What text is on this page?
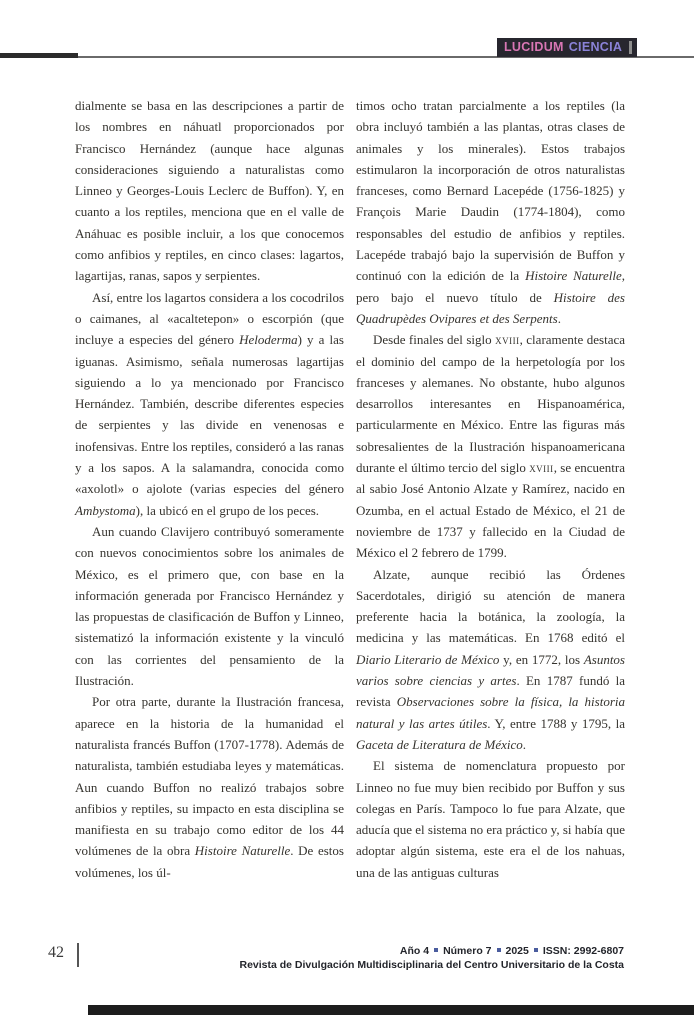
LUCIDUM CIENCIA

dialmente se basa en las descripciones a partir de los nombres en náhuatl proporcionados por Francisco Hernández (aunque hace algunas consideraciones siguiendo a naturalistas como Linneo y Georges-Louis Leclerc de Buffon). Y, en cuanto a los reptiles, menciona que en el valle de Anáhuac es posible incluir, a los que conocemos como anfibios y reptiles, en cinco clases: lagartos, lagartijas, ranas, sapos y serpientes.

Así, entre los lagartos considera a los cocodrilos o caimanes, al «acaltetepon» o escorpión (que incluye a especies del género Heloderma) y a las iguanas. Asimismo, señala numerosas lagartijas siguiendo a lo ya mencionado por Francisco Hernández. También, describe diferentes especies de serpientes y las divide en venenosas e inofensivas. Entre los reptiles, consideró a las ranas y a los sapos. A la salamandra, conocida como «axolotl» o ajolote (varias especies del género Ambystoma), la ubicó en el grupo de los peces.

Aun cuando Clavijero contribuyó someramente con nuevos conocimientos sobre los animales de México, es el primero que, con base en la información generada por Francisco Hernández y las propuestas de clasificación de Buffon y Linneo, sistematizó la información existente y la vinculó con las corrientes del pensamiento de la Ilustración.

Por otra parte, durante la Ilustración francesa, aparece en la historia de la humanidad el naturalista francés Buffon (1707-1778). Además de naturalista, también estudiaba leyes y matemáticas. Aun cuando Buffon no realizó trabajos sobre anfibios y reptiles, su impacto en esta disciplina se manifiesta en su trabajo como editor de los 44 volúmenes de la obra Histoire Naturelle. De estos volúmenes, los úl-

timos ocho tratan parcialmente a los reptiles (la obra incluyó también a las plantas, otras clases de animales y los minerales). Estos trabajos estimularon la incorporación de otros naturalistas franceses, como Bernard Lacepéde (1756-1825) y François Marie Daudin (1774-1804), como responsables del estudio de anfibios y reptiles. Lacepéde trabajó bajo la supervisión de Buffon y continuó con la edición de la Histoire Naturelle, pero bajo el nuevo título de Histoire des Quadrupèdes Ovipares et des Serpents.

Desde finales del siglo xviii, claramente destaca el dominio del campo de la herpetología por los franceses y alemanes. No obstante, hubo algunos desarrollos interesantes en Hispanoamérica, particularmente en México. Entre las figuras más sobresalientes de la Ilustración hispanoamericana durante el último tercio del siglo xviii, se encuentra al sabio José Antonio Alzate y Ramírez, nacido en Ozumba, en el actual Estado de México, el 21 de noviembre de 1737 y fallecido en la Ciudad de México el 2 febrero de 1799.

Alzate, aunque recibió las Órdenes Sacerdotales, dirigió su atención de manera preferente hacia la botánica, la zoología, la medicina y las matemáticas. En 1768 editó el Diario Literario de México y, en 1772, los Asuntos varios sobre ciencias y artes. En 1787 fundó la revista Observaciones sobre la física, la historia natural y las artes útiles. Y, entre 1788 y 1795, la Gaceta de Literatura de México.

El sistema de nomenclatura propuesto por Linneo no fue muy bien recibido por Buffon y sus colegas en París. Tampoco lo fue para Alzate, que aducía que el sistema no era práctico y, si había que adoptar algún sistema, este era el de los nahuas, una de las antiguas culturas

42	Año 4 Número 7 2025 ISSN: 2992-6807
Revista de Divulgación Multidisciplinaria del Centro Universitario de la Costa
